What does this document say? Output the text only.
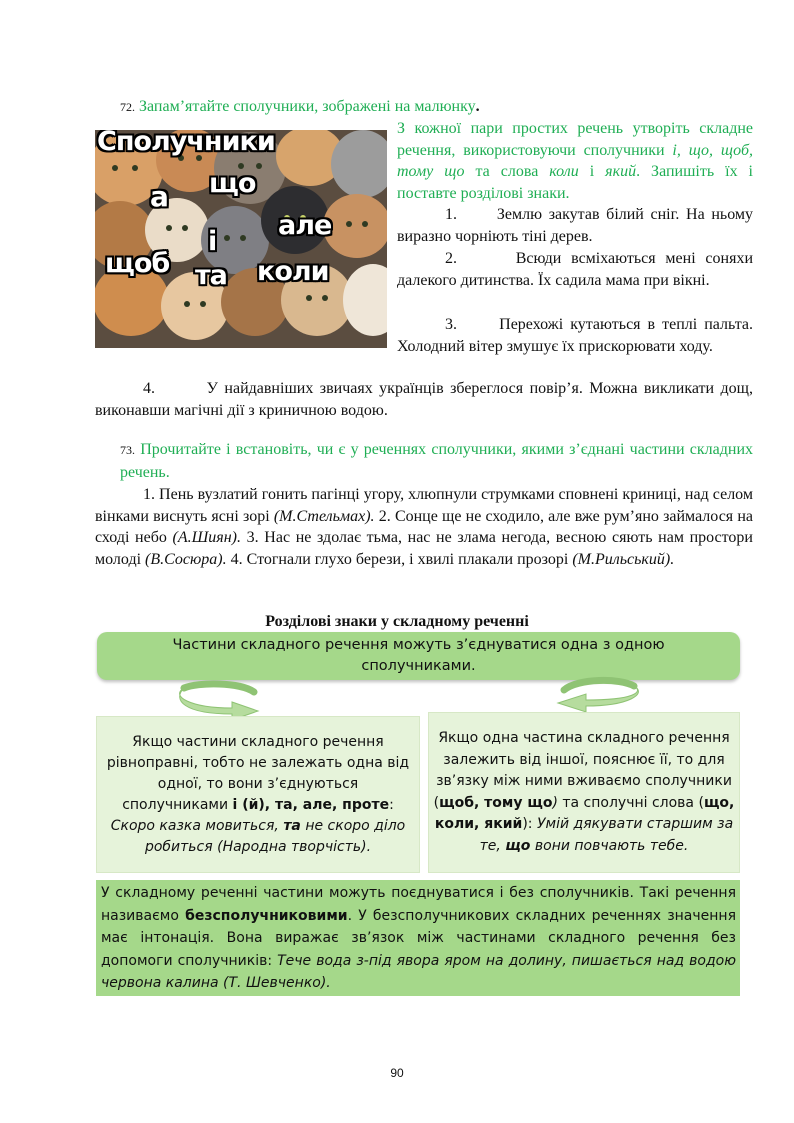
72. Запам’ятайте сполучники, зображені на малюнку.
Сполучники
а що
і
але
щоб та коли
З кожної пари простих речень утворіть складне речення, використовуючи сполучники і, що, щоб, тому що та слова коли і який. Запишіть їх і поставте розділові знаки.
1. Землю закутав білий сніг. На ньому виразно чорніють тіні дерев.
2.	Всюди всміхаються мені соняхи далекого дитинства. Їх садила мама при вікні.
3.	Перехожі кутаються в теплі пальта. Холодний вітер змушує їх прискорювати ходу.
4.	У найдавніших звичаях українців збереглося повір’я. Можна викликати дощ, виконавши магічні дії з криничною водою.
73. Прочитайте і встановіть, чи є у реченнях сполучники, якими з’єднані частини складних речень.
1. Пень вузлатий гонить пагінці угору, хлюпнули струмками сповнені криниці, над селом вінками виснуть ясні зорі (М.Стельмах). 2. Сонце ще не сходило, але вже рум’яно займалося на сході небо (А.Шиян). 3. Нас не здолає тьма, нас не злама негода, весною сяють нам простори молоді (В.Сосюра). 4. Стогнали глухо берези, і хвилі плакали прозорі (М.Рильський).
Розділові знаки у складному реченні
Частини складного речення можуть з’єднуватися одна з одною сполучниками.
Якщо частини складного речення рівноправні, тобто не залежать одна від одної, то вони з’єднуються сполучниками і (й), та, але, проте: Скоро казка мовиться, та не скоро діло робиться (Народна творчість).
Якщо одна частина складного речення залежить від іншої, пояснює її, то для зв’язку між ними вживаємо сполучники (щоб, тому що) та сполучні слова (що, коли, який): Умій дякувати старшим за те, що вони повчають тебе.
У складному реченні частини можуть поєднуватися і без сполучників. Такі речення називаємо безсполучниковими. У безсполучникових складних реченнях значення має інтонація. Вона виражає зв’язок між частинами складного речення без допомоги сполучників: Тече вода з-під явора яром на долину, пишається над водою червона калина (Т. Шевченко).
90
